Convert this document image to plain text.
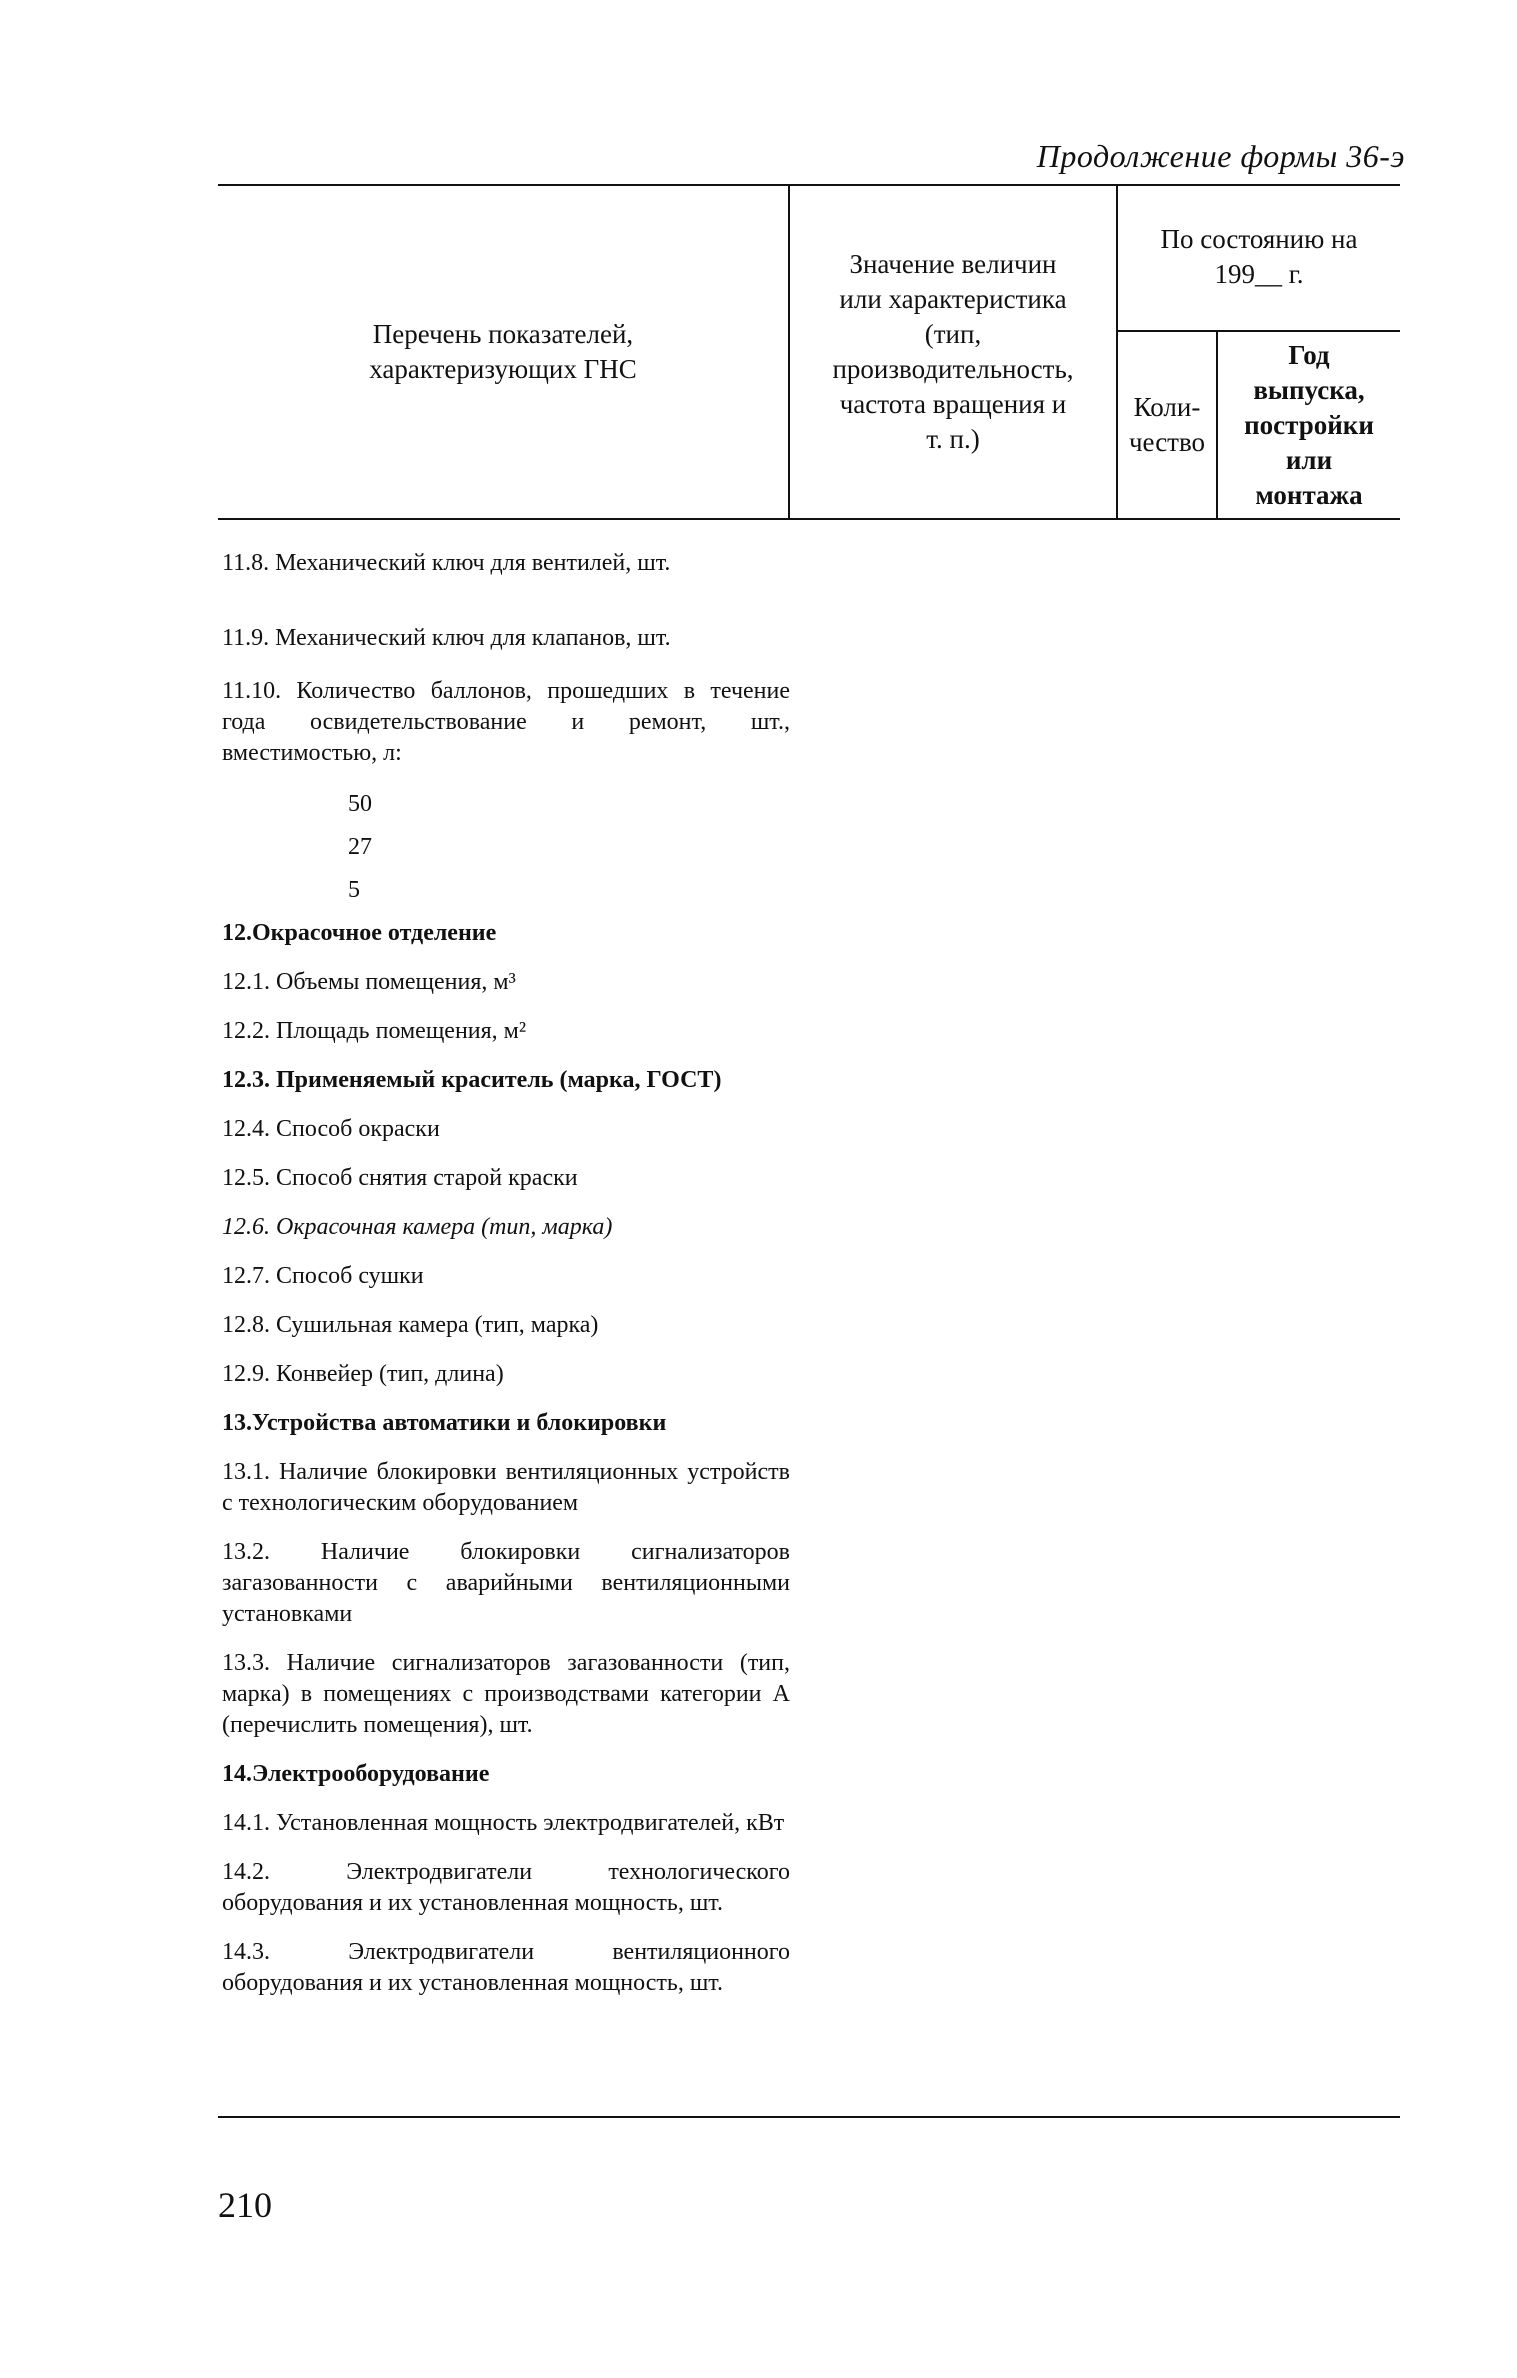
Продолжение формы 36-э
Перечень показателей,
характеризующих ГНС
Значение величин
или характеристика
(тип,
производительность,
частота вращения и
т. п.)
По состоянию на
199__ г.
Коли-
чество
Год
выпуска,
постройки
или
монтажа
11.8. Механический ключ для вентилей, шт.
11.9. Механический ключ для клапанов, шт.
11.10. Количество баллонов, прошедших в течение года освидетельствование и ремонт, шт., вместимостью, л:
50
27
5
12.Окрасочное отделение
12.1. Объемы помещения, м³
12.2. Площадь помещения, м²
12.3. Применяемый краситель (марка, ГОСТ)
12.4. Способ окраски
12.5. Способ снятия старой краски
12.6. Окрасочная камера (тип, марка)
12.7. Способ сушки
12.8. Сушильная камера (тип, марка)
12.9. Конвейер (тип, длина)
13.Устройства автоматики и блокировки
13.1. Наличие блокировки вентиляционных устройств с технологическим оборудованием
13.2. Наличие блокировки сигнализаторов загазованности с аварийными вентиляционными установками
13.3. Наличие сигнализаторов загазованности (тип, марка) в помещениях с производствами категории А (перечислить помещения), шт.
14.Электрооборудование
14.1. Установленная мощность электродвигателей, кВт
14.2. Электродвигатели технологического оборудования и их установленная мощность, шт.
14.3. Электродвигатели вентиляционного оборудования и их установленная мощность, шт.
210
